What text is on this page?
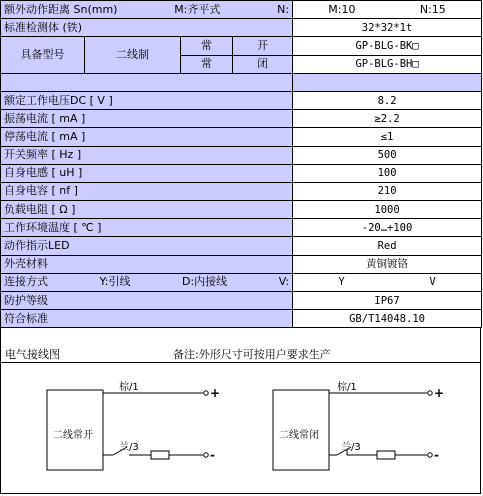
额外动作距离 Sn(mm) M:齐平式 N:				M:10 N:15

标准检测体 (铁)				32*32*1t
具备型号	二线制	常	开	GP-BLG-BK□
		常	闭	GP-BLG-BH□

额定工作电压DC [ V ]				8.2
振荡电流 [ mA ]				≥2.2
停荡电流 [ mA ]				≤1
开关频率 [ Hz ]				500
自身电感 [ uH ]				100
自身电容 [ nf ]				210
负载电阻 [ Ω ]				1000
工作环境温度 [ ℃ ]				-20…+100
动作指示LED				Red
外壳材料				黄铜镀铬

连接方式 Y:引线 D:内接线 V:				Y V

防护等级				IP67
符合标准				GB/T14048.10
电气接线图	备注:外形尺寸可按用户要求生产
二线常开
棕/1	+
兰/3
-
二线常闭
棕/1	+
兰/3
-
